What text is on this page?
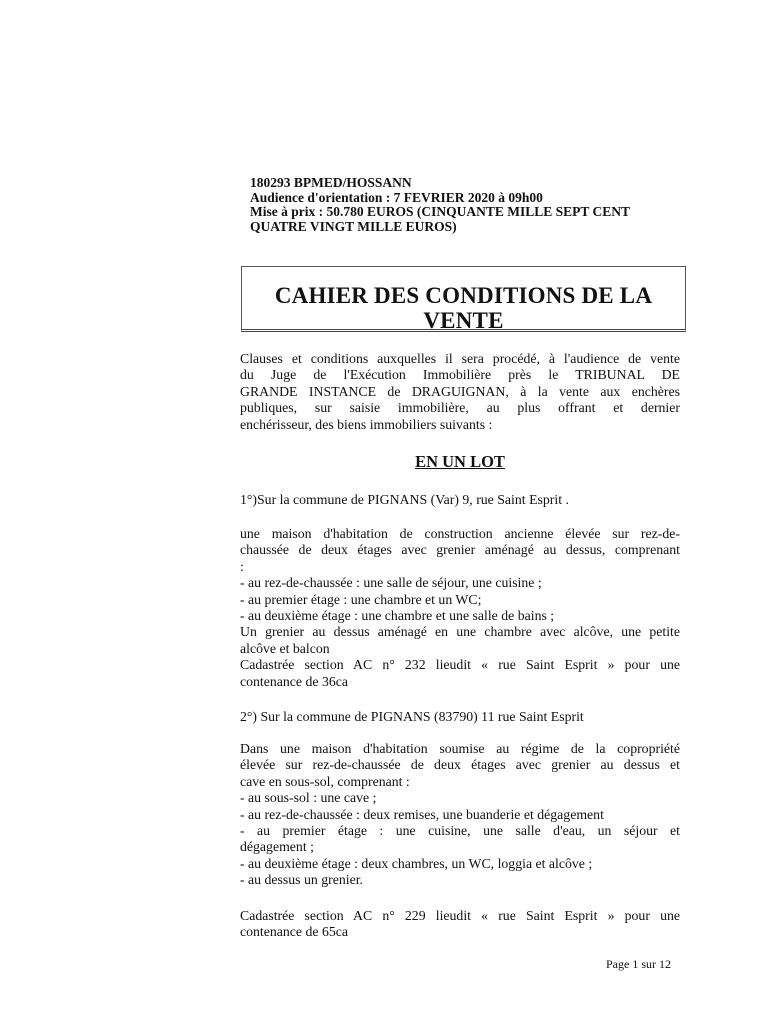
180293 BPMED/HOSSANN
Audience d'orientation : 7 FEVRIER 2020 à 09h00
Mise à prix : 50.780 EUROS (CINQUANTE MILLE SEPT CENT
QUATRE VINGT MILLE EUROS)
CAHIER DES CONDITIONS DE LA
VENTE
Clauses et conditions auxquelles il sera procédé, à l'audience de vente
du Juge de l'Exécution Immobilière près le TRIBUNAL DE
GRANDE INSTANCE de DRAGUIGNAN, à la vente aux enchères
publiques, sur saisie immobilière, au plus offrant et dernier
enchérisseur, des biens immobiliers suivants :
EN UN LOT
1°)Sur la commune de PIGNANS (Var) 9, rue Saint Esprit .
une maison d'habitation de construction ancienne élevée sur rez-de-
chaussée de deux étages avec grenier aménagé au dessus, comprenant
:
- au rez-de-chaussée : une salle de séjour, une cuisine ;
- au premier étage : une chambre et un WC;
- au deuxième étage : une chambre et une salle de bains ;
Un grenier au dessus aménagé en une chambre avec alcôve, une petite
alcôve et balcon
Cadastrée section AC n° 232 lieudit « rue Saint Esprit » pour une
contenance de 36ca
2°) Sur la commune de PIGNANS (83790) 11 rue Saint Esprit
Dans une maison d'habitation soumise au régime de la copropriété
élevée sur rez-de-chaussée de deux étages avec grenier au dessus et
cave en sous-sol, comprenant :
- au sous-sol : une cave ;
- au rez-de-chaussée : deux remises, une buanderie et dégagement
- au premier étage : une cuisine, une salle d'eau, un séjour et
dégagement ;
- au deuxième étage : deux chambres, un WC, loggia et alcôve ;
- au dessus un grenier.
Cadastrée section AC n° 229 lieudit « rue Saint Esprit » pour une
contenance de 65ca
Page 1 sur 12
